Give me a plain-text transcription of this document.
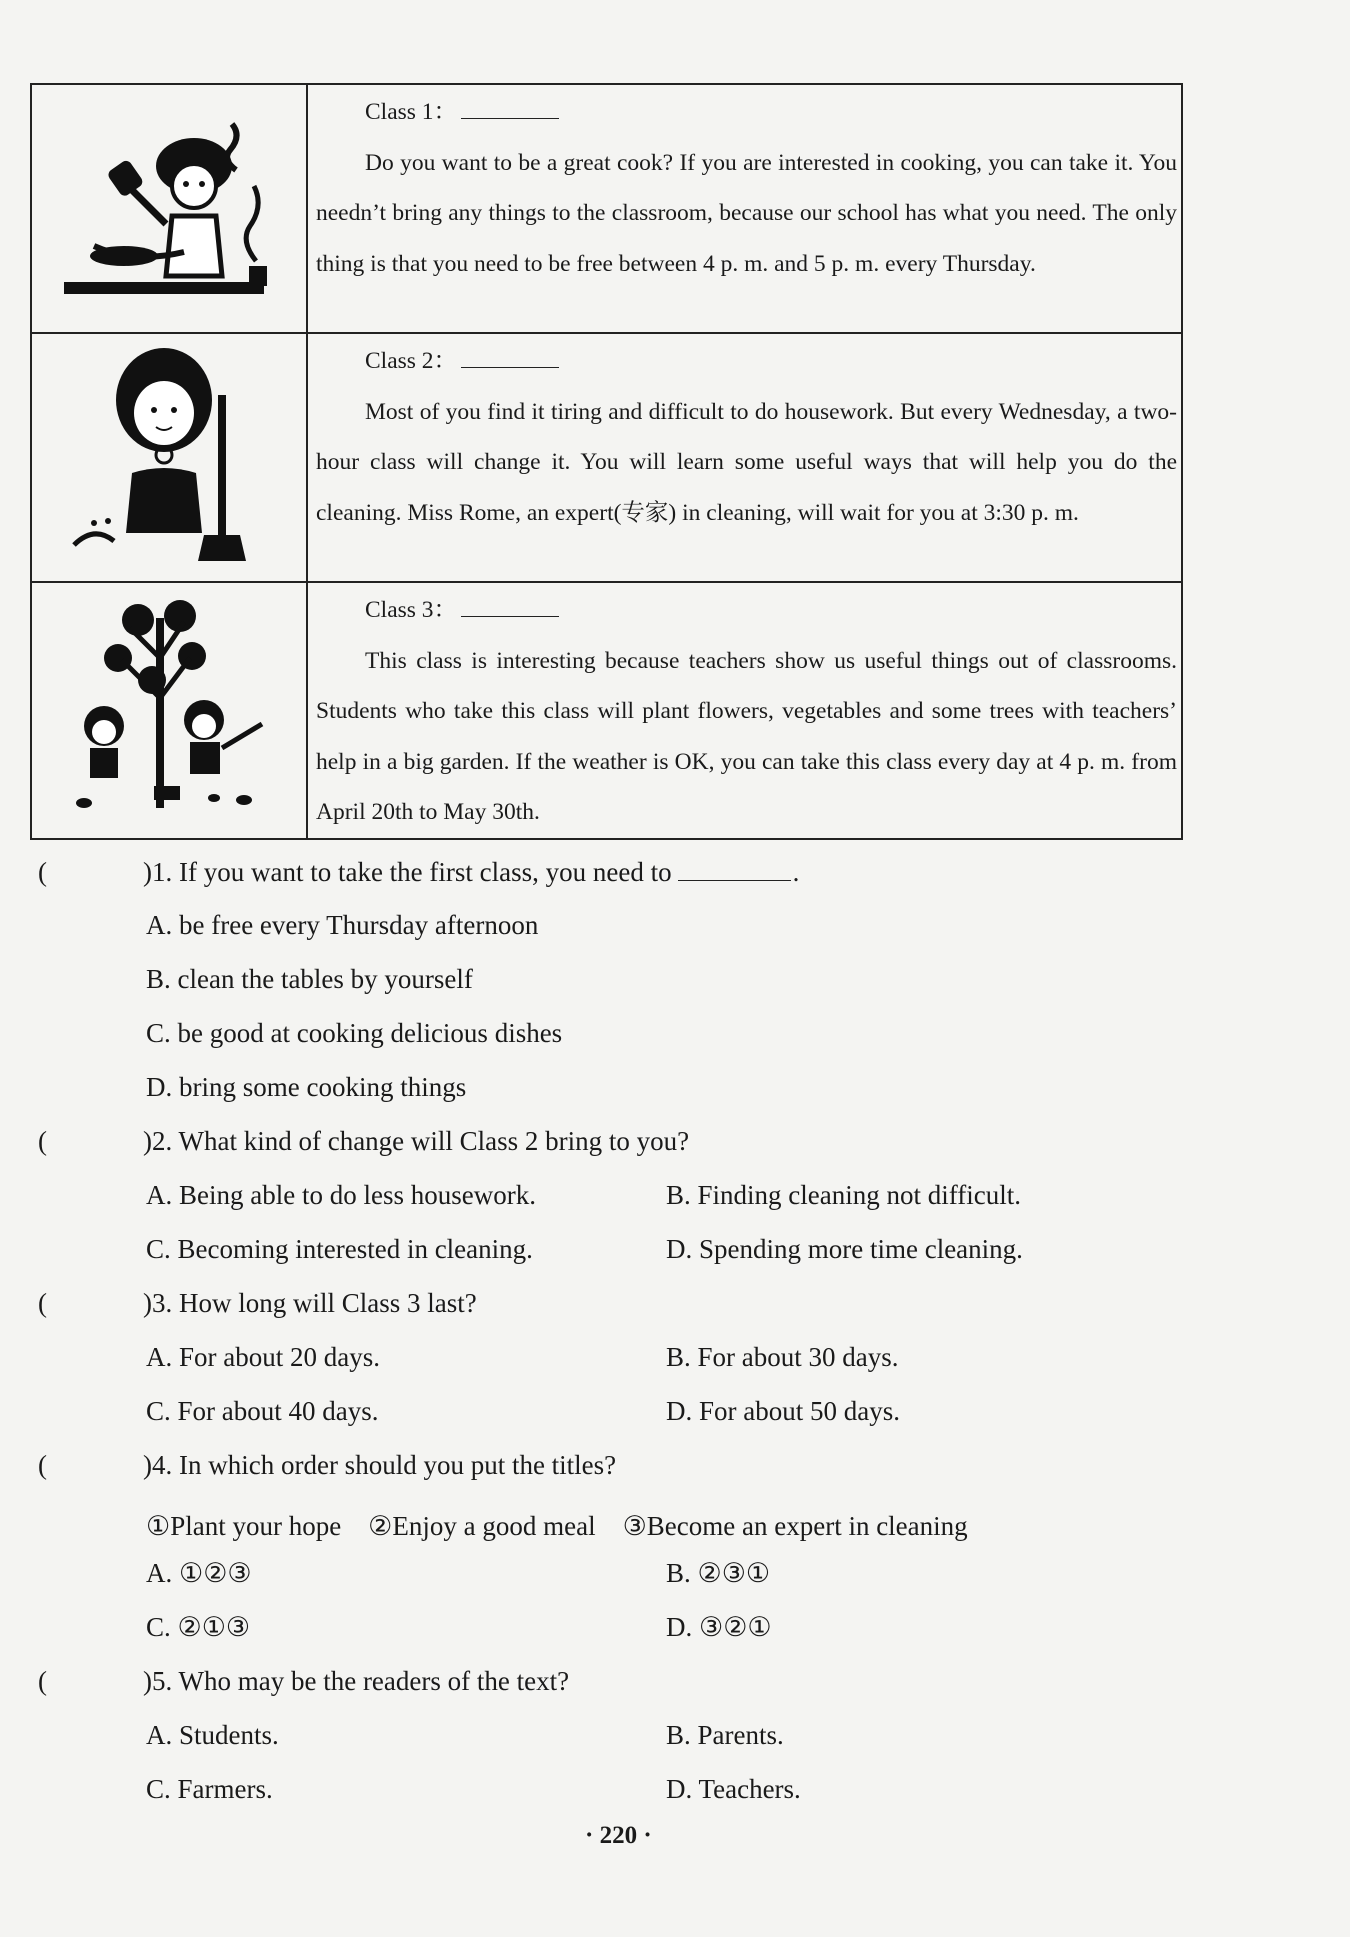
Class 1：
Do you want to be a great cook? If you are interested in cooking, you can take it. You needn’t bring any things to the classroom, because our school has what you need. The only thing is that you need to be free between 4 p. m. and 5 p. m. every Thursday.

Class 2：
Most of you find it tiring and difficult to do housework. But every Wednesday, a two-hour class will change it. You will learn some useful ways that will help you do the cleaning. Miss Rome, an expert(专家) in cleaning, will wait for you at 3:30 p. m.

Class 3：
This class is interesting because teachers show us useful things out of classrooms. Students who take this class will plant flowers, vegetables and some trees with teachers’ help in a big garden. If the weather is OK, you can take this class every day at 4 p. m. from April 20th to May 30th.
(	)1. If you want to take the first class, you need to	.
A. be free every Thursday afternoon
B. clean the tables by yourself
C. be good at cooking delicious dishes
D. bring some cooking things
(	)2. What kind of change will Class 2 bring to you?
A. Being able to do less housework.	B. Finding cleaning not difficult.
C. Becoming interested in cleaning.	D. Spending more time cleaning.
(	)3. How long will Class 3 last?
A. For about 20 days.	B. For about 30 days.
C. For about 40 days.	D. For about 50 days.
(	)4. In which order should you put the titles?
①Plant your hope　②Enjoy a good meal　③Become an expert in cleaning
A. ①②③	B. ②③①
C. ②①③	D. ③②①
(	)5. Who may be the readers of the text?
A. Students.	B. Parents.
C. Farmers.	D. Teachers.
· 220 ·
